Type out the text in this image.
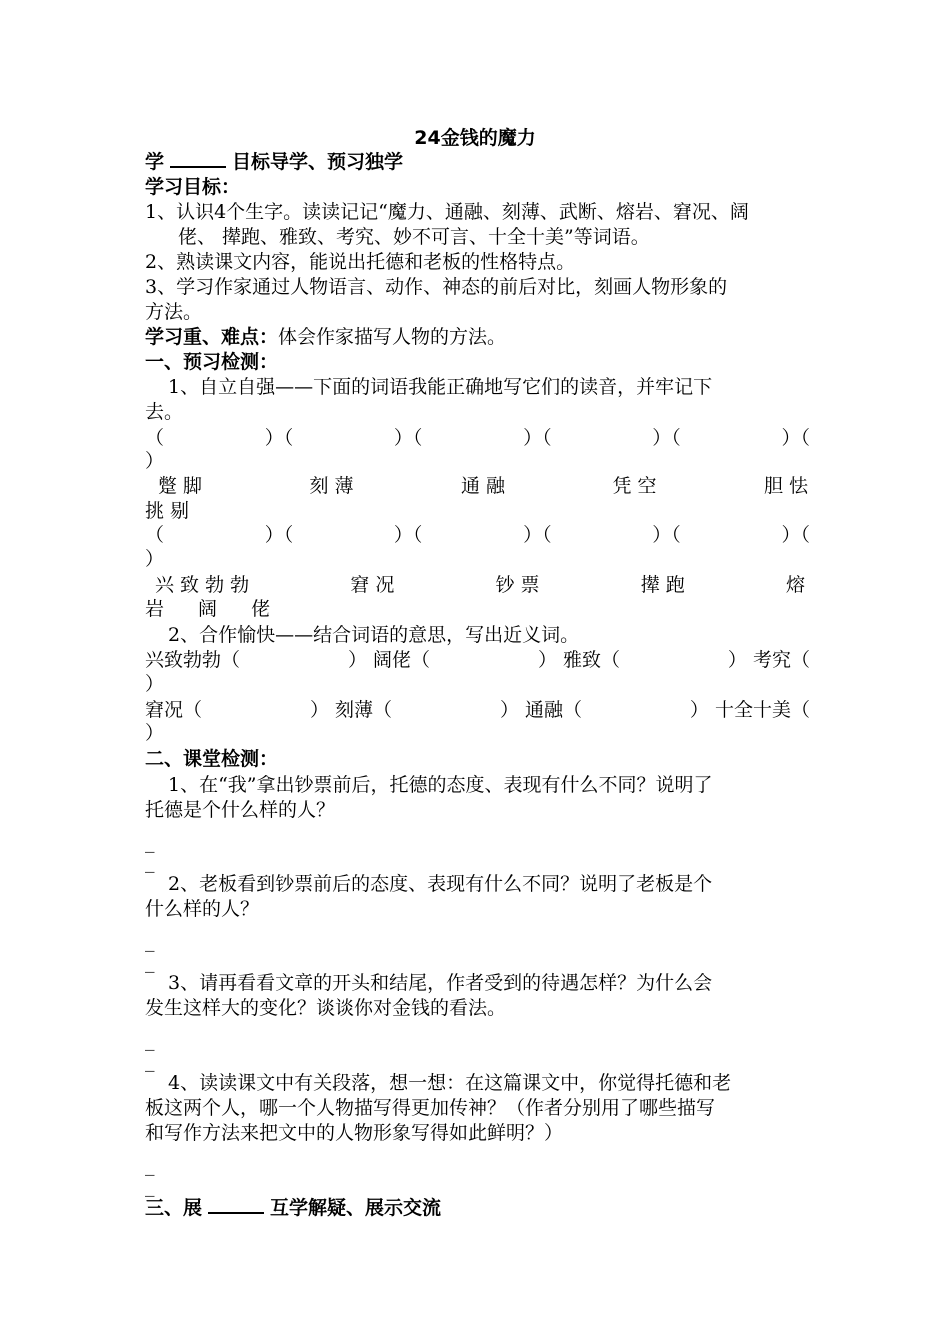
24金钱的魔力
学	目标导学、预习独学
学习目标：
1、认识4个生字。读读记记“魔力、通融、刻薄、武断、熔岩、窘况、阔
佬、 撵跑、雅致、考究、妙不可言、十全十美”等词语。
2、熟读课文内容，能说出托德和老板的性格特点。
3、学习作家通过人物语言、动作、神态的前后对比，刻画人物形象的
方法。
学习重、难点：体会作家描写人物的方法。
一、预习检测：
1、自立自强——下面的词语我能正确地写它们的读音，并牢记下
去。
（	）（	）（	）（	）（	）（
）
蹩 脚	刻 薄	通 融	凭 空	胆 怯
挑 剔
（	）（	）（	）（	）（	）（
）
兴 致 勃 勃	窘 况	钞 票	撵 跑	熔
岩 阔 佬
2、合作愉快——结合词语的意思，写出近义词。
兴致勃勃（	） 阔佬（	） 雅致（	） 考究（
）
窘况（	） 刻薄（	） 通融（	） 十全十美（
）
二、课堂检测：
1、在“我”拿出钞票前后，托德的态度、表现有什么不同？说明了
托德是个什么样的人？
_
_
2、老板看到钞票前后的态度、表现有什么不同？说明了老板是个
什么样的人？
_
_
3、请再看看文章的开头和结尾，作者受到的待遇怎样？为什么会
发生这样大的变化？谈谈你对金钱的看法。
_
_
4、读读课文中有关段落，想一想：在这篇课文中，你觉得托德和老
板这两个人，哪一个人物描写得更加传神？（作者分别用了哪些描写
和写作方法来把文中的人物形象写得如此鲜明？）
_
_
三、展	互学解疑、展示交流
